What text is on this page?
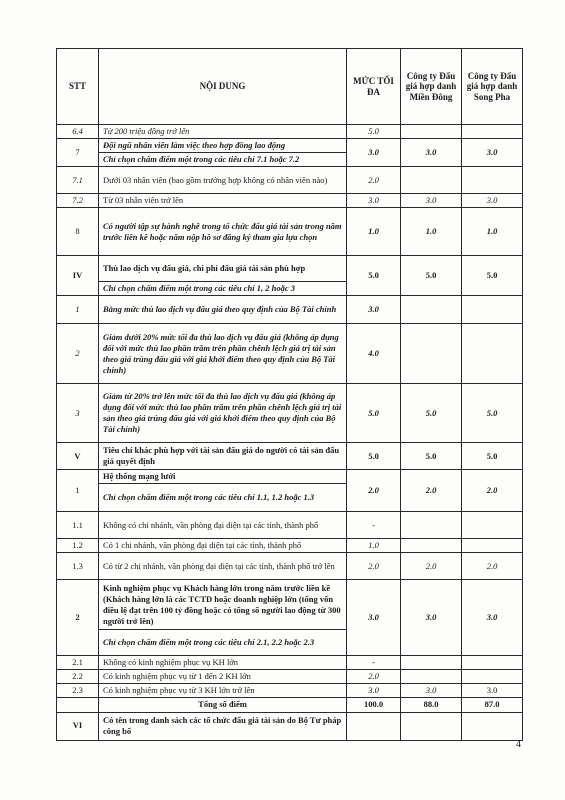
STT	NỘI DUNG	MỨC TỐI ĐA	Công ty Đấu giá hợp danh Miền Đông	Công ty Đấu giá hợp danh Song Pha
6.4	Từ 200 triệu đồng trở lên	5.0		
7	Đội ngũ nhân viên làm việc theo hợp đồng lao động	3.0	3.0	3.0
	Chỉ chọn chấm điểm một trong các tiêu chí 7.1 hoặc 7.2			
7.1	Dưới 03 nhân viên (bao gồm trưởng hợp không có nhân viên nào)	2.0		
7.2	Từ 03 nhân viên trở lên	3.0	3.0	3.0
8	Có người tập sự hành nghề trong tổ chức đấu giá tài sản trong năm trước liền kề hoặc năm nộp hồ sơ đăng ký tham gia lựa chọn	1.0	1.0	1.0
IV	Thù lao dịch vụ đấu giá, chi phí đấu giá tài sản phù hợp	5.0	5.0	5.0
	Chỉ chọn chấm điểm một trong các tiêu chí 1, 2 hoặc 3			
1	Bằng mức thù lao dịch vụ đấu giá theo quy định của Bộ Tài chính	3.0		
2	Giảm dưới 20% mức tối đa thù lao dịch vụ đấu giá (không áp dụng đối với mức thù lao phần trăm trên phần chênh lệch giá trị tài sản theo giá trúng đấu giá với giá khởi điểm theo quy định của Bộ Tài chính)	4.0		
3	Giảm từ 20% trở lên mức tối đa thù lao dịch vụ đấu giá (không áp dụng đối với mức thù lao phần trăm trên phần chênh lệch giá trị tài sản theo giá trúng đấu giá với giá khởi điểm theo quy định của Bộ Tài chính)	5.0	5.0	5.0
V	Tiêu chí khác phù hợp với tài sản đấu giá do người có tài sản đấu giá quyết định	5.0	5.0	5.0
1	Hệ thống mạng lưới	2.0	2.0	2.0
	Chỉ chọn chấm điểm một trong các tiêu chí 1.1, 1.2 hoặc 1.3			
1.1	Không có chi nhánh, văn phòng đại diện tại các tỉnh, thành phố	-		
1.2	Có 1 chi nhánh, văn phòng đại diện tại các tỉnh, thành phố	1.0		
1.3	Có từ 2 chi nhánh, văn phòng đại diện tại các tỉnh, thành phố trở lên	2.0	2.0	2.0
2	Kinh nghiệm phục vụ Khách hàng lớn trong năm trước liền kề (Khách hàng lớn là các TCTD hoặc doanh nghiệp lớn (tổng vốn điều lệ đạt trên 100 tỷ đồng hoặc có tổng số người lao động từ 300 người trở lên)	3.0	3.0	3.0
	Chỉ chọn chấm điểm một trong các tiêu chí 2.1, 2.2 hoặc 2.3			
2.1	Không có kinh nghiệm phục vụ KH lớn	-		
2.2	Có kinh nghiệm phục vụ từ 1 đến 2 KH lớn	2.0		
2.3	Có kinh nghiệm phục vụ từ 3 KH lớn trở lên	3.0	3.0	3.0
	Tổng số điểm	100.0	88.0	87.0
VI	Có tên trong danh sách các tổ chức đấu giá tài sản do Bộ Tư pháp công bố			
4
